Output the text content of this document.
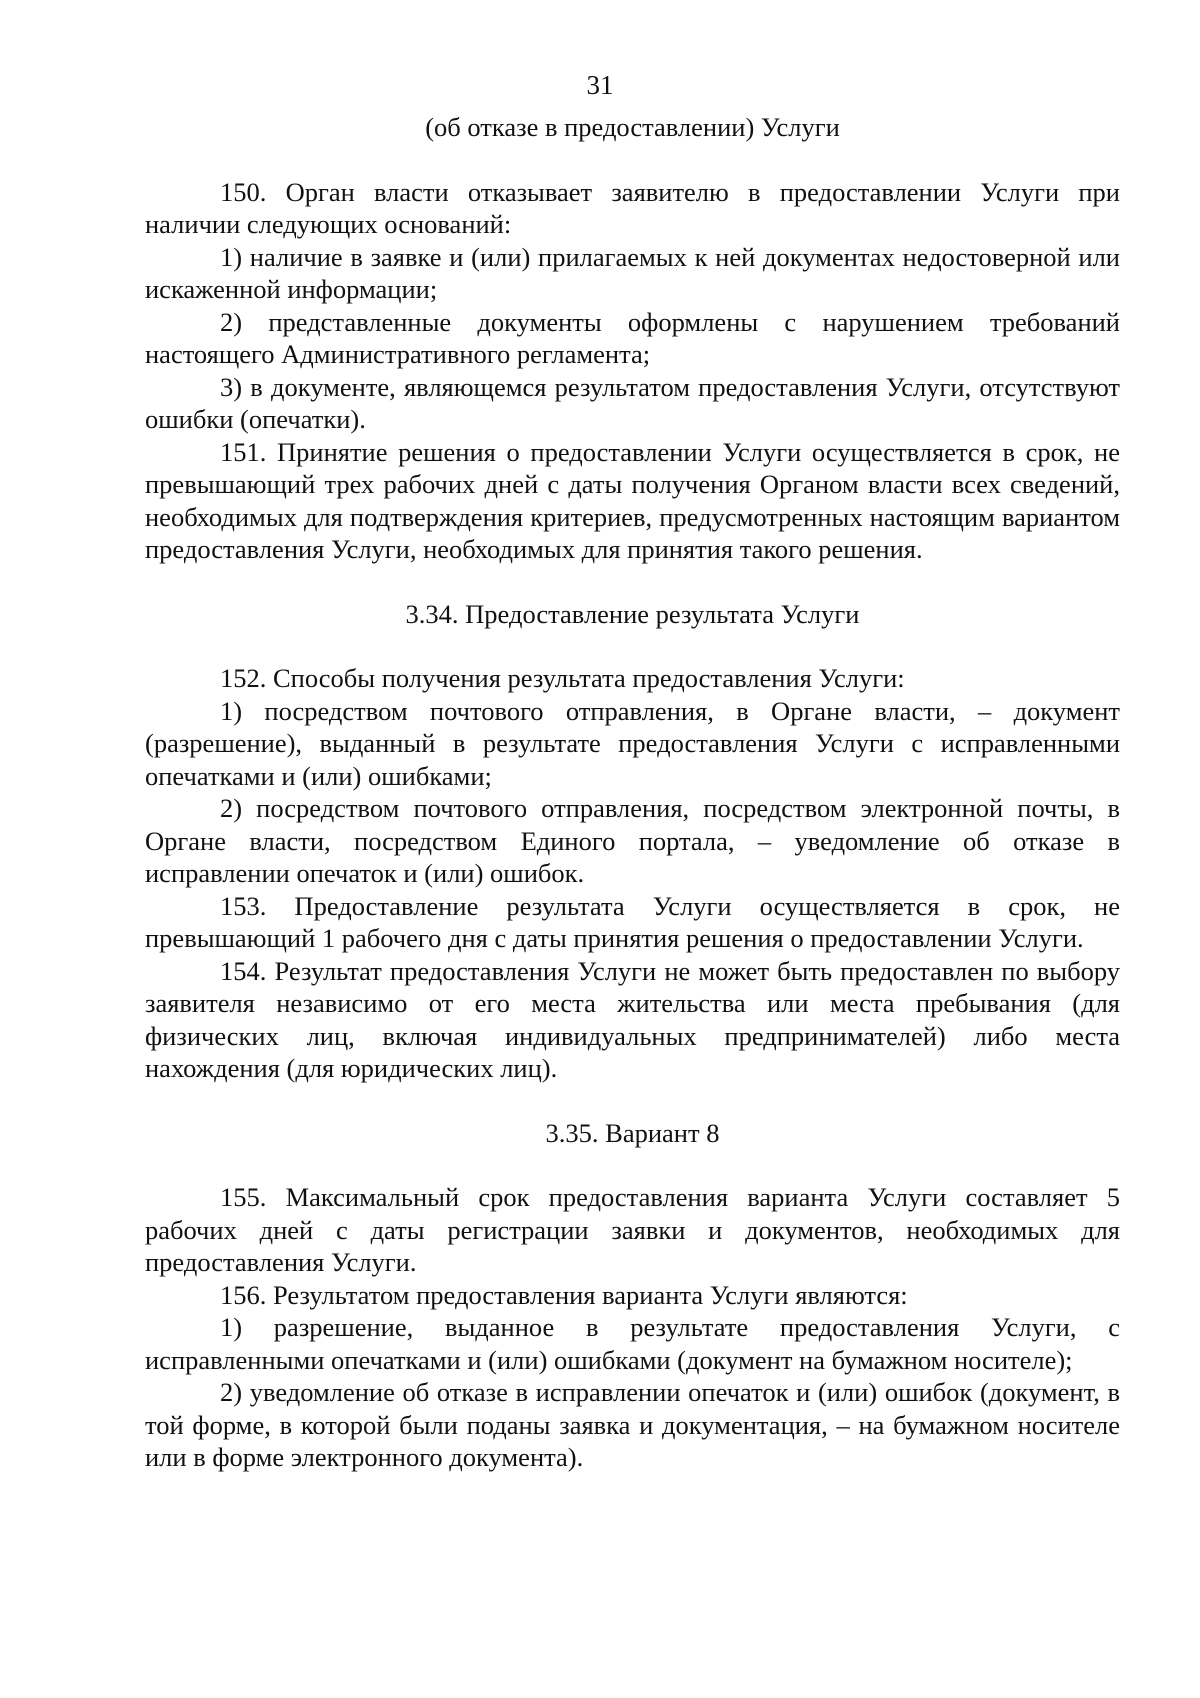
31
(об отказе в предоставлении) Услуги

150. Орган власти отказывает заявителю в предоставлении Услуги при наличии следующих оснований:

1) наличие в заявке и (или) прилагаемых к ней документах недостоверной или искаженной информации;

2) представленные документы оформлены с нарушением требований настоящего Административного регламента;

3) в документе, являющемся результатом предоставления Услуги, отсутствуют ошибки (опечатки).

151. Принятие решения о предоставлении Услуги осуществляется в срок, не превышающий трех рабочих дней с даты получения Органом власти всех сведений, необходимых для подтверждения критериев, предусмотренных настоящим вариантом предоставления Услуги, необходимых для принятия такого решения.

3.34. Предоставление результата Услуги

152. Способы получения результата предоставления Услуги:

1) посредством почтового отправления, в Органе власти, – документ (разрешение), выданный в результате предоставления Услуги с исправленными опечатками и (или) ошибками;

2) посредством почтового отправления, посредством электронной почты, в Органе власти, посредством Единого портала, – уведомление об отказе в исправлении опечаток и (или) ошибок.

153. Предоставление результата Услуги осуществляется в срок, не превышающий 1 рабочего дня с даты принятия решения о предоставлении Услуги.

154. Результат предоставления Услуги не может быть предоставлен по выбору заявителя независимо от его места жительства или места пребывания (для физических лиц, включая индивидуальных предпринимателей) либо места нахождения (для юридических лиц).

3.35. Вариант 8

155. Максимальный срок предоставления варианта Услуги составляет 5 рабочих дней с даты регистрации заявки и документов, необходимых для предоставления Услуги.

156. Результатом предоставления варианта Услуги являются:

1) разрешение, выданное в результате предоставления Услуги, с исправленными опечатками и (или) ошибками (документ на бумажном носителе);

2) уведомление об отказе в исправлении опечаток и (или) ошибок (документ, в той форме, в которой были поданы заявка и документация, – на бумажном носителе или в форме электронного документа).
